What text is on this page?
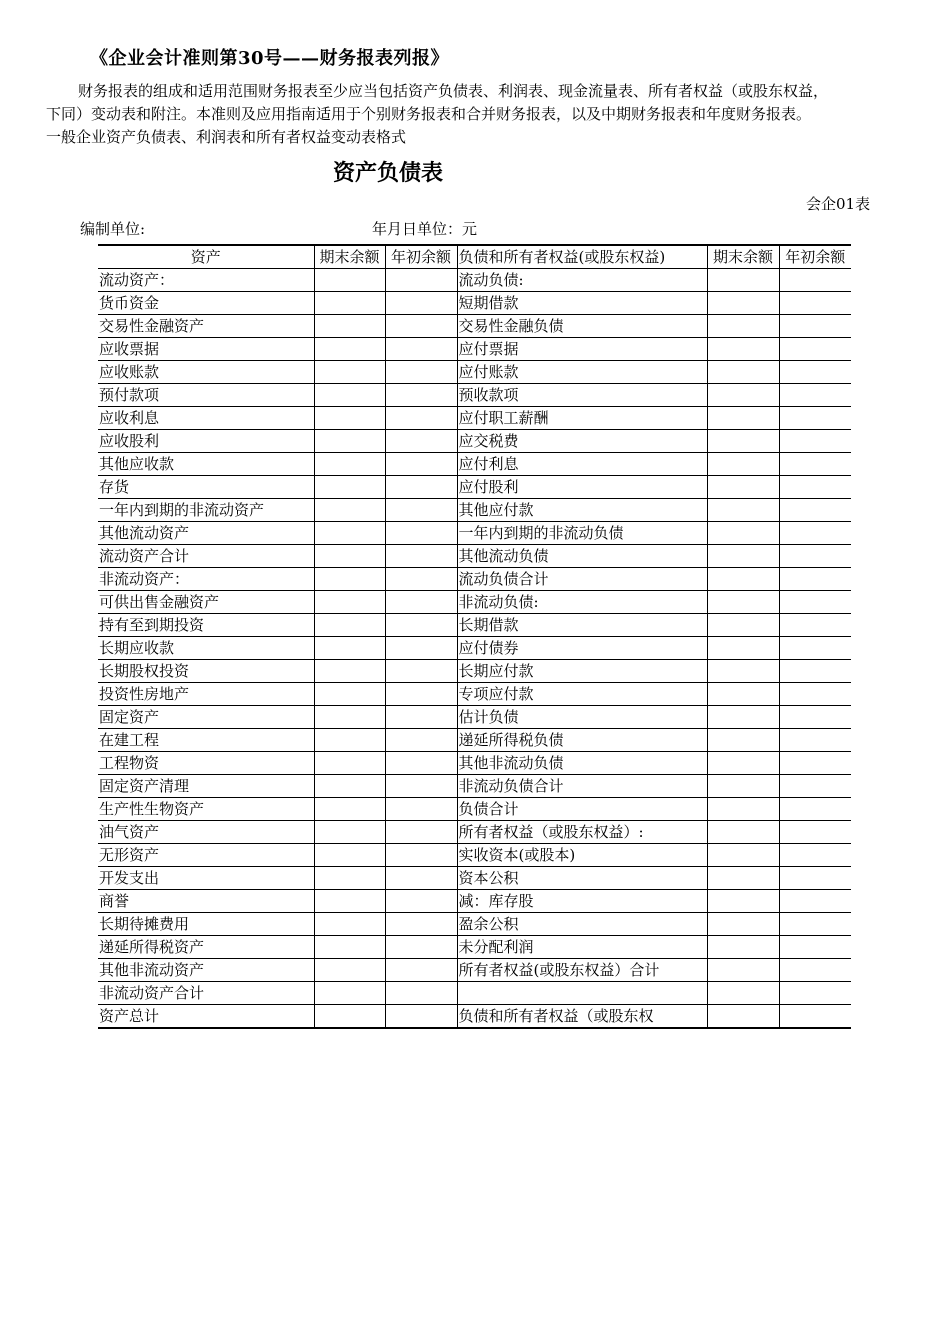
《企业会计准则第30号——财务报表列报》
财务报表的组成和适用范围财务报表至少应当包括资产负债表、利润表、现金流量表、所有者权益（或股东权益，
下同）变动表和附注。本准则及应用指南适用于个别财务报表和合并财务报表，以及中期财务报表和年度财务报表。
一般企业资产负债表、利润表和所有者权益变动表格式
资产负债表
会企01表
编制单位:	年月日单位：元
资产	期末余额	年初余额	负债和所有者权益(或股东权益)	期末余额	年初余额
流动资产：			流动负债:		
货币资金			短期借款		
交易性金融资产			交易性金融负债		
应收票据			应付票据		
应收账款			应付账款		
预付款项			预收款项		
应收利息			应付职工薪酬		
应收股利			应交税费		
其他应收款			应付利息		
存货			应付股利		
一年内到期的非流动资产			其他应付款		
其他流动资产			一年内到期的非流动负债		
流动资产合计			其他流动负债		
非流动资产：			流动负债合计		
可供出售金融资产			非流动负债:		
持有至到期投资			长期借款		
长期应收款			应付债券		
长期股权投资			长期应付款		
投资性房地产			专项应付款		
固定资产			估计负债		
在建工程			递延所得税负债		
工程物资			其他非流动负债		
固定资产清理			非流动负债合计		
生产性生物资产			负债合计		
油气资产			所有者权益（或股东权益）:		
无形资产			实收资本(或股本)		
开发支出			资本公积		
商誉			减：库存股		
长期待摊费用			盈余公积		
递延所得税资产			未分配利润		
其他非流动资产			所有者权益(或股东权益）合计		
非流动资产合计					
资产总计			负债和所有者权益（或股东权		
